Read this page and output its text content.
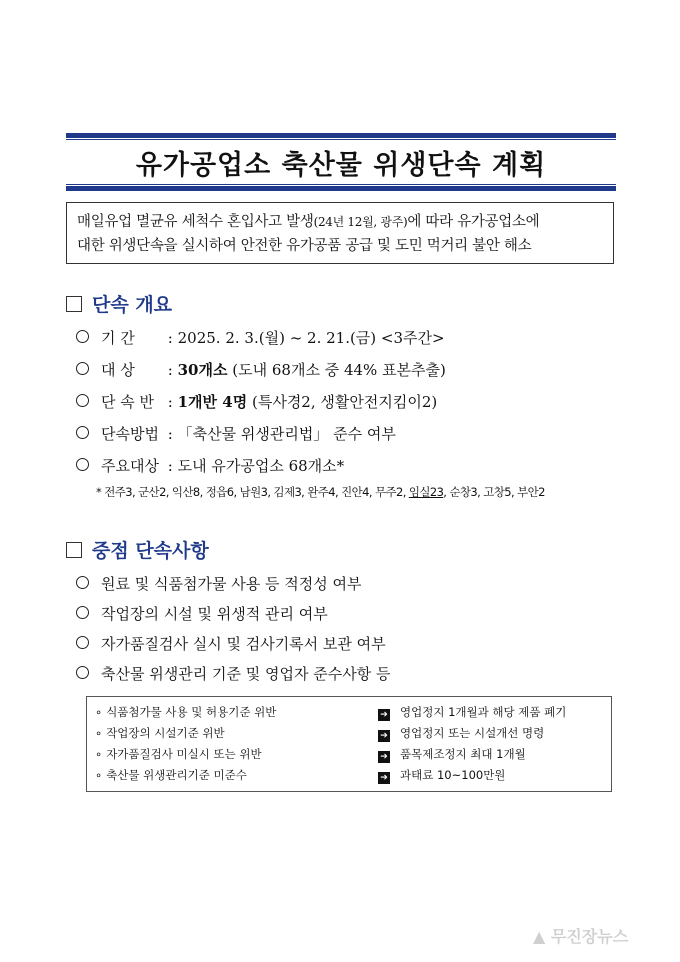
유가공업소 축산물 위생단속 계획
매일유업 멸균유 세척수 혼입사고 발생(24년 12월, 광주)에 따라 유가공업소에
대한 위생단속을 실시하여 안전한 유가공품 공급 및 도민 먹거리 불안 해소
단속 개요
기 간 : 2025. 2. 3.(월) ~ 2. 21.(금) <3주간>
대 상 : 30개소 (도내 68개소 중 44% 표본추출)
단 속 반 : 1개반 4명 (특사경2, 생활안전지킴이2)
단속방법 : 「축산물 위생관리법」 준수 여부
주요대상 : 도내 유가공업소 68개소*
* 전주3, 군산2, 익산8, 정읍6, 남원3, 김제3, 완주4, 진안4, 무주2, 임실23, 순창3, 고창5, 부안2
중점 단속사항
원료 및 식품첨가물 사용 등 적정성 여부
작업장의 시설 및 위생적 관리 여부
자가품질검사 실시 및 검사기록서 보관 여부
축산물 위생관리 기준 및 영업자 준수사항 등
∘ 식품첨가물 사용 및 허용기준 위반	➔ 영업정지 1개월과 해당 제품 폐기
∘ 작업장의 시설기준 위반	➔ 영업정지 또는 시설개선 명령
∘ 자가품질검사 미실시 또는 위반	➔ 품목제조정지 최대 1개월
∘ 축산물 위생관리기준 미준수	➔ 과태료 10~100만원
▲ 무진장뉴스
